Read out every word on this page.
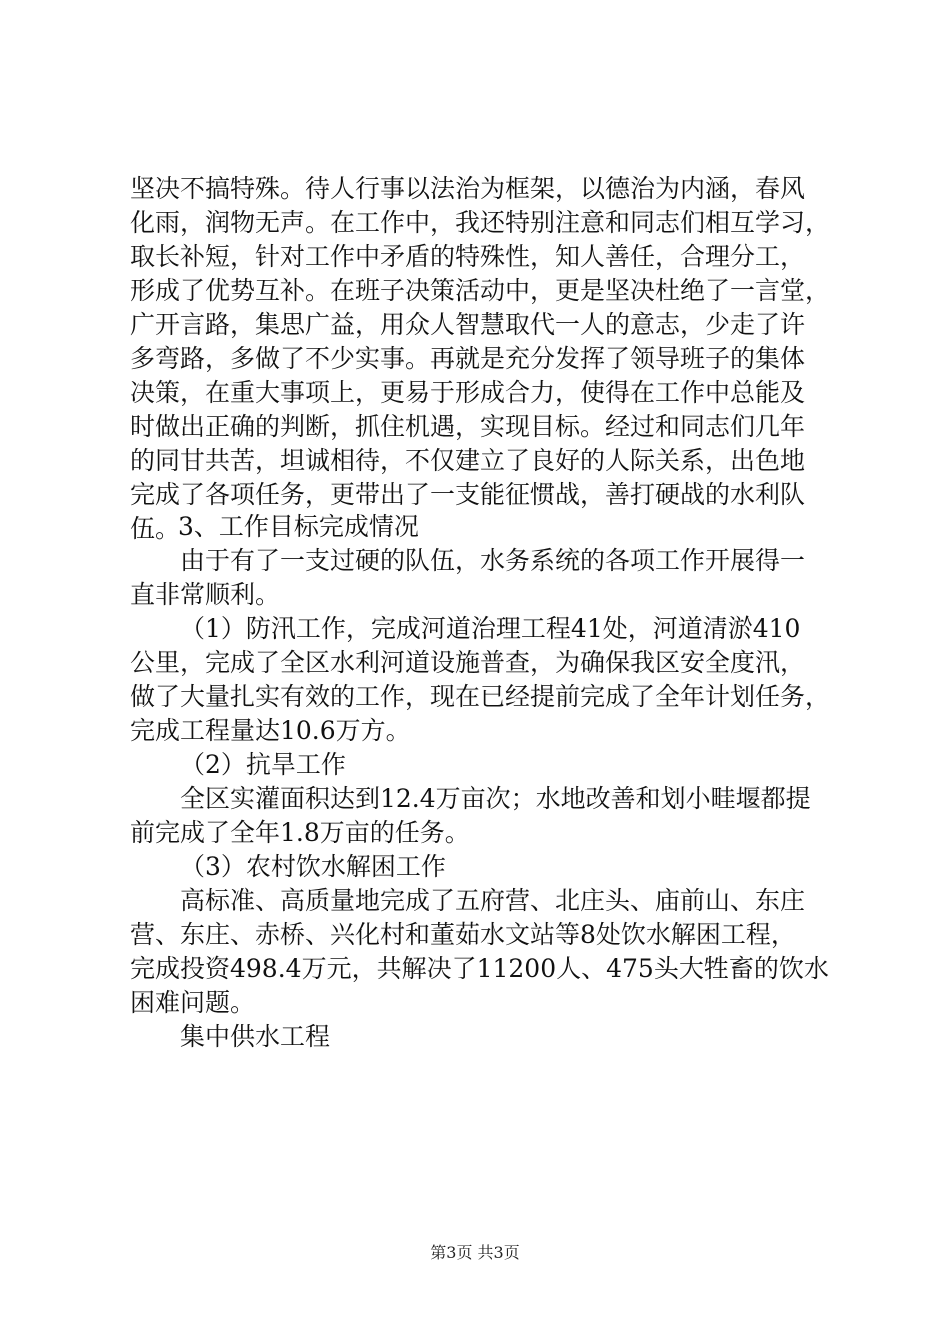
坚决不搞特殊。待人行事以法治为框架，以德治为内涵，春风
化雨，润物无声。在工作中，我还特别注意和同志们相互学习，
取长补短，针对工作中矛盾的特殊性，知人善任，合理分工，
形成了优势互补。在班子决策活动中，更是坚决杜绝了一言堂，
广开言路，集思广益，用众人智慧取代一人的意志，少走了许
多弯路，多做了不少实事。再就是充分发挥了领导班子的集体
决策，在重大事项上，更易于形成合力，使得在工作中总能及
时做出正确的判断，抓住机遇，实现目标。经过和同志们几年
的同甘共苦，坦诚相待，不仅建立了良好的人际关系，出色地
完成了各项任务，更带出了一支能征惯战，善打硬战的水利队
伍。
3、工作目标完成情况
由于有了一支过硬的队伍，水务系统的各项工作开展得一
直非常顺利。
（1）防汛工作，完成河道治理工程41处，河道清淤410
公里，完成了全区水利河道设施普查，为确保我区安全度汛，
做了大量扎实有效的工作，现在已经提前完成了全年计划任务，
完成工程量达10.6万方。
（2）抗旱工作
全区实灌面积达到12.4万亩次；水地改善和划小畦堰都提
前完成了全年1.8万亩的任务。
（3）农村饮水解困工作
高标准、高质量地完成了五府营、北庄头、庙前山、东庄
营、东庄、赤桥、兴化村和董茹水文站等8处饮水解困工程，
完成投资498.4万元，共解决了11200人、475头大牲畜的饮水
困难问题。
集中供水工程
第3页 共3页
